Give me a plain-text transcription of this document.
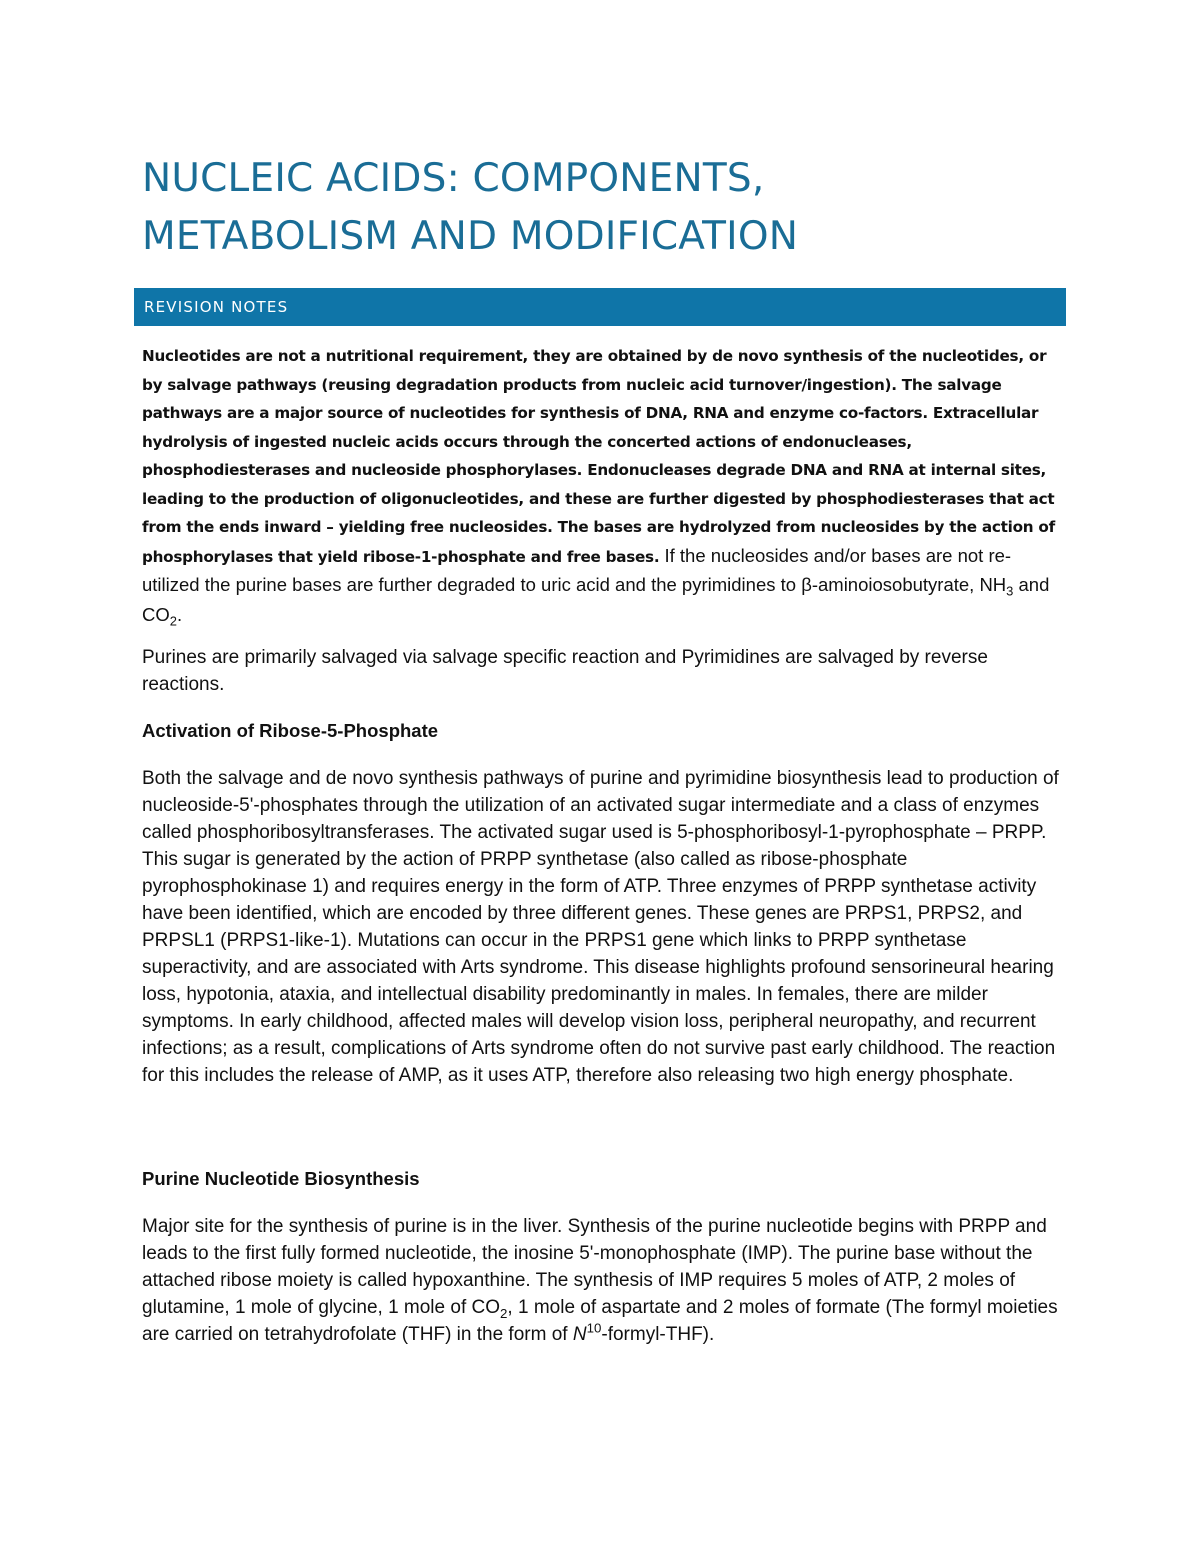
NUCLEIC ACIDS: COMPONENTS,
METABOLISM AND MODIFICATION
REVISION NOTES
Nucleotides are not a nutritional requirement, they are obtained by de novo synthesis of the nucleotides, or by salvage pathways (reusing degradation products from nucleic acid turnover/ingestion). The salvage pathways are a major source of nucleotides for synthesis of DNA, RNA and enzyme co-factors. Extracellular hydrolysis of ingested nucleic acids occurs through the concerted actions of endonucleases, phosphodiesterases and nucleoside phosphorylases. Endonucleases degrade DNA and RNA at internal sites, leading to the production of oligonucleotides, and these are further digested by phosphodiesterases that act from the ends inward – yielding free nucleosides. The bases are hydrolyzed from nucleosides by the action of phosphorylases that yield ribose-1-phosphate and free bases. If the nucleosides and/or bases are not re-utilized the purine bases are further degraded to uric acid and the pyrimidines to β-aminoiosobutyrate, $NH_3$ and $CO_2$.

Purines are primarily salvaged via salvage specific reaction and Pyrimidines are salvaged by reverse reactions.

Activation of Ribose-5-Phosphate

Both the salvage and de novo synthesis pathways of purine and pyrimidine biosynthesis lead to production of nucleoside-5'-phosphates through the utilization of an activated sugar intermediate and a class of enzymes called phosphoribosyltransferases. The activated sugar used is 5-phosphoribosyl-1-pyrophosphate – PRPP. This sugar is generated by the action of PRPP synthetase (also called as ribose-phosphate pyrophosphokinase 1) and requires energy in the form of ATP. Three enzymes of PRPP synthetase activity have been identified, which are encoded by three different genes. These genes are PRPS1, PRPS2, and PRPSL1 (PRPS1-like-1). Mutations can occur in the PRPS1 gene which links to PRPP synthetase superactivity, and are associated with Arts syndrome. This disease highlights profound sensorineural hearing loss, hypotonia, ataxia, and intellectual disability predominantly in males. In females, there are milder symptoms. In early childhood, affected males will develop vision loss, peripheral neuropathy, and recurrent infections; as a result, complications of Arts syndrome often do not survive past early childhood. The reaction for this includes the release of AMP, as it uses ATP, therefore also releasing two high energy phosphate.

Purine Nucleotide Biosynthesis

Major site for the synthesis of purine is in the liver. Synthesis of the purine nucleotide begins with PRPP and leads to the first fully formed nucleotide, the inosine 5'-monophosphate (IMP). The purine base without the attached ribose moiety is called hypoxanthine. The synthesis of IMP requires 5 moles of ATP, 2 moles of glutamine, 1 mole of glycine, 1 mole of $CO_2$, 1 mole of aspartate and 2 moles of formate (The formyl moieties are carried on tetrahydrofolate (THF) in the form of $N^{10}-formyl-THF$).
